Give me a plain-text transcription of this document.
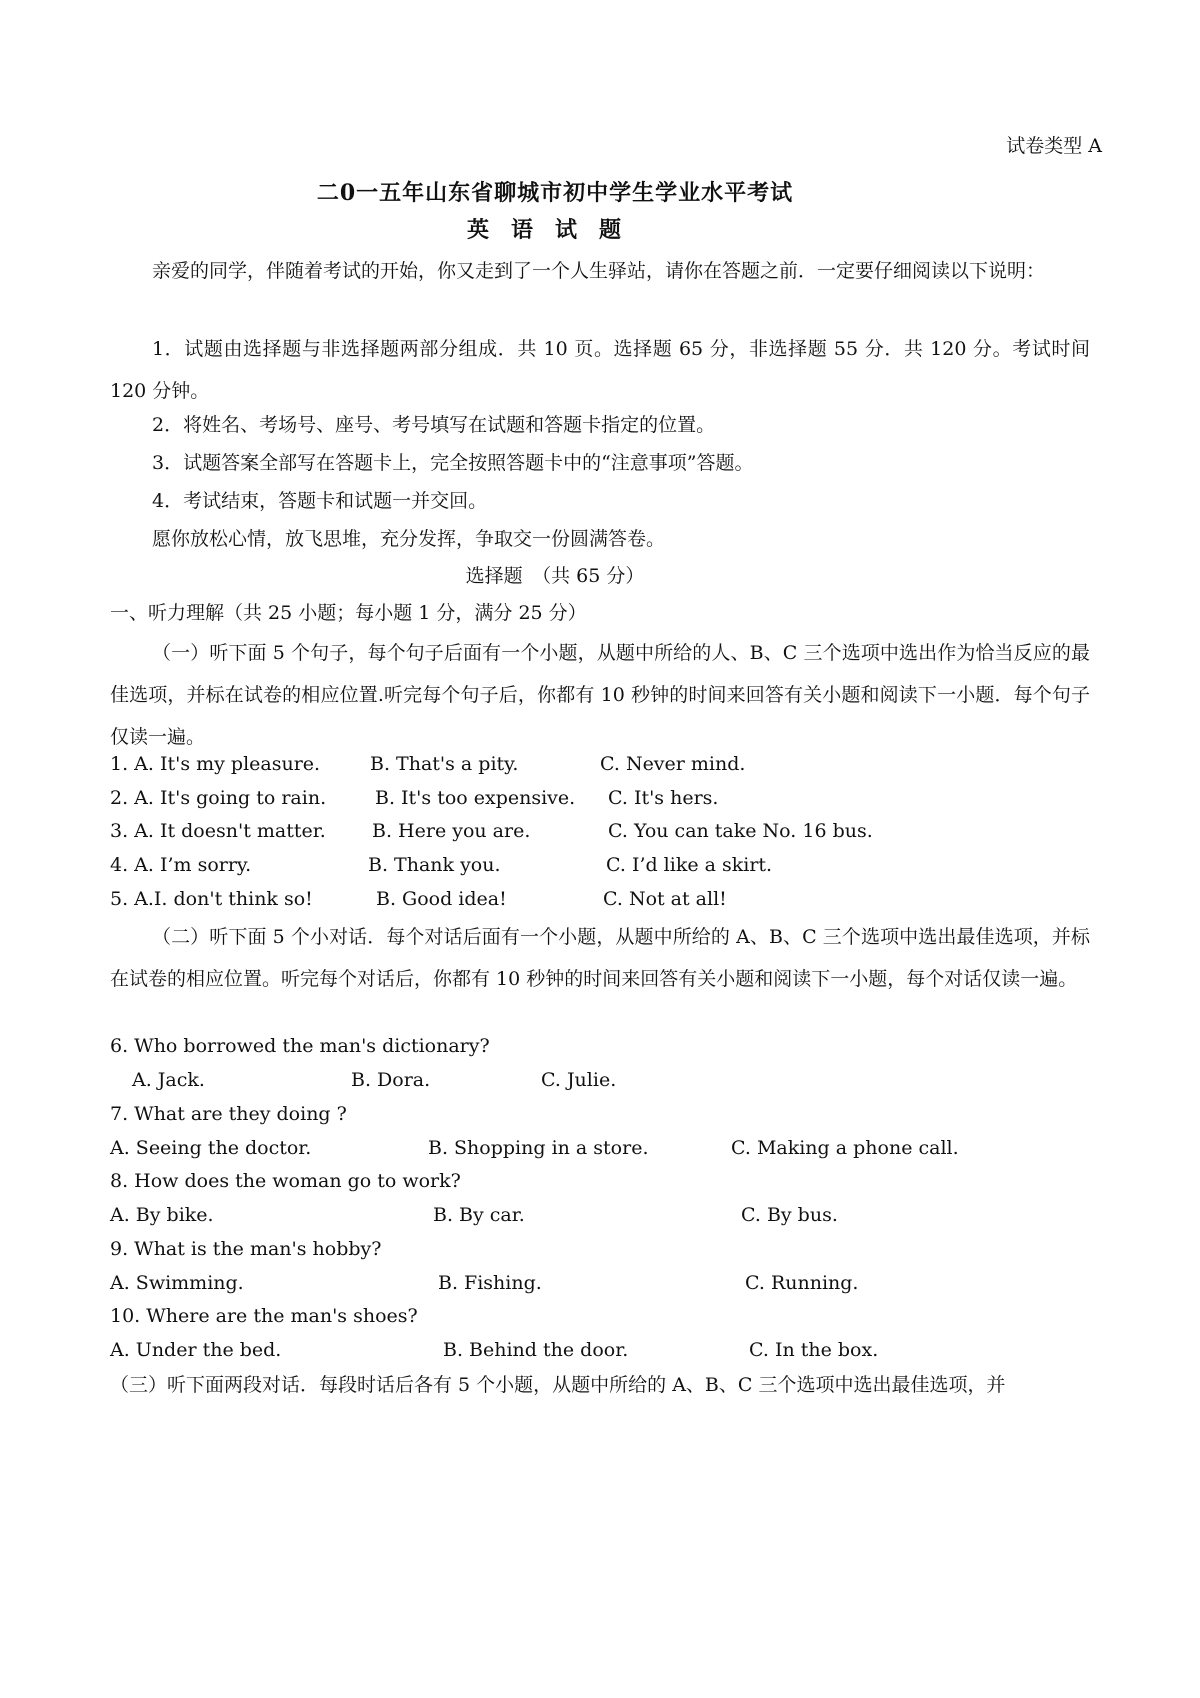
试卷类型 A
二0一五年山东省聊城市初中学生学业水平考试
英语试题
亲爱的同学，伴随着考试的开始，你又走到了一个人生驿站，请你在答题之前．一定要仔细阅读以下说明：
1．试题由选择题与非选择题两部分组成．共 10 页。选择题 65 分，非选择题 55 分．共 120 分。考试时间 120 分钟。
2．将姓名、考场号、座号、考号填写在试题和答题卡指定的位置。
3．试题答案全部写在答题卡上，完全按照答题卡中的“注意事项”答题。
4．考试结束，答题卡和试题一并交回。
愿你放松心情，放飞思堆，充分发挥，争取交一份圆满答卷。
选择题　（共 65 分）
一、听力理解（共 25 小题；每小题 1 分，满分 25 分）
（一）听下面 5 个句子，每个句子后面有一个小题，从题中所给的人、B、C 三个选项中选出作为恰当反应的最佳选项，并标在试卷的相应位置.听完每个句子后，你都有 10 秒钟的时间来回答有关小题和阅读下一小题．每个句子仅读一遍。
1. A. It's my pleasure.	B. That's a pity.	C. Never mind.
2. A. It's going to rain.	B. It's too expensive. C. It's hers.
3. A. It doesn't matter. B. Here you are.	C. You can take No. 16 bus.
4. A. I’m sorry.	B. Thank you.	C. I’d like a skirt.
5. A.I. don't think so!	B. Good idea!	C. Not at all!
（二）听下面 5 个小对话．每个对话后面有一个小题，从题中所给的 A、B、C 三个选项中选出最佳选项，并标在试卷的相应位置。听完每个对话后，你都有 10 秒钟的时间来回答有关小题和阅读下一小题，每个对话仅读一遍。
6. Who borrowed the man's dictionary?
A. Jack.	B. Dora.	C. Julie.
7. What are they doing ?
A. Seeing the doctor.	B. Shopping in a store.	C. Making a phone call.
8. How does the woman go to work?
A. By bike.	B. By car.	C. By bus.
9. What is the man's hobby?
A. Swimming.	B. Fishing.	C. Running.
10. Where are the man's shoes?
A. Under the bed.	B. Behind the door.	C. In the box.
（三）听下面两段对话．每段时话后各有 5 个小题，从题中所给的 A、B、C 三个选项中选出最佳选项，并
